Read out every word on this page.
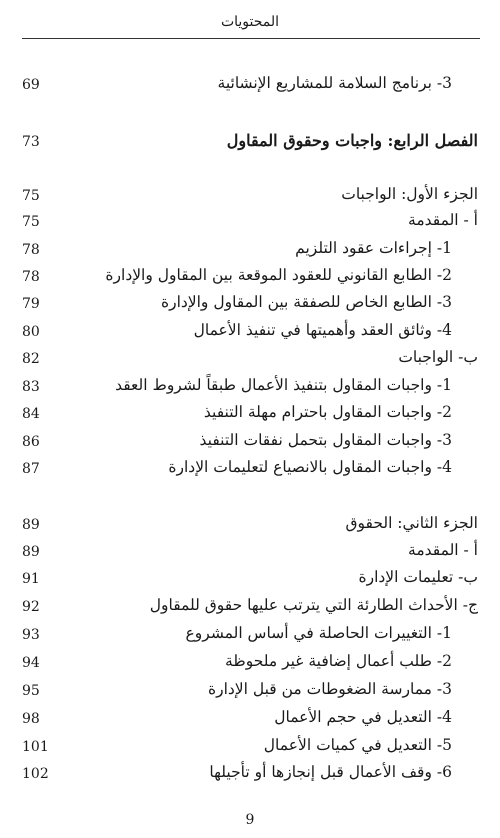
المحتويات
69	3- برنامج السلامة للمشاريع الإنشائية
73	الفصل الرابع: واجبات وحقوق المقاول
75	الجزء الأول: الواجبات
75	أ - المقدمة
78	1- إجراءات عقود التلزيم
78	2- الطابع القانوني للعقود الموقعة بين المقاول والإدارة
79	3- الطابع الخاص للصفقة بين المقاول والإدارة
80	4- وثائق العقد وأهميتها في تنفيذ الأعمال
82	ب- الواجبات
83	1- واجبات المقاول بتنفيذ الأعمال طبقاً لشروط العقد
84	2- واجبات المقاول باحترام مهلة التنفيذ
86	3- واجبات المقاول بتحمل نفقات التنفيذ
87	4- واجبات المقاول بالانصياع لتعليمات الإدارة
89	الجزء الثاني: الحقوق
89	أ - المقدمة
91	ب- تعليمات الإدارة
92	ج- الأحداث الطارئة التي يترتب عليها حقوق للمقاول
93	1- التغييرات الحاصلة في أساس المشروع
94	2- طلب أعمال إضافية غير ملحوظة
95	3- ممارسة الضغوطات من قبل الإدارة
98	4- التعديل في حجم الأعمال
101	5- التعديل في كميات الأعمال
102	6- وقف الأعمال قبل إنجازها أو تأجيلها
9
